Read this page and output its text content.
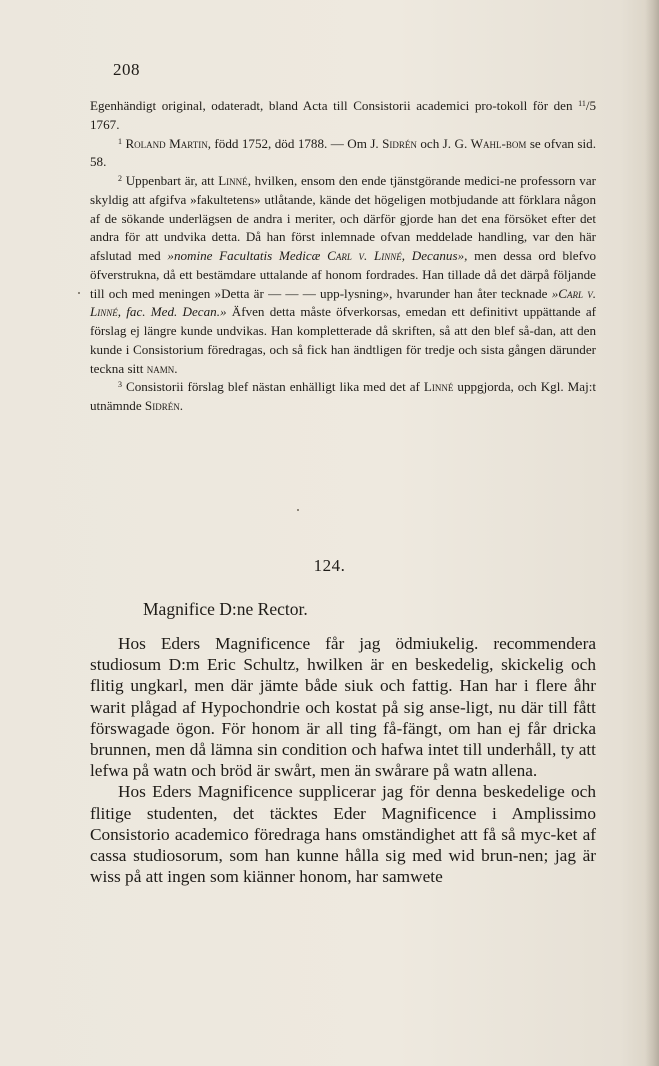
208

Egenhändigt original, odateradt, bland Acta till Consistorii academici pro-tokoll för den $^{11}$/5 1767.

$^1$ Roland Martin, född 1752, död 1788. — Om J. Sidrén och J. G. Wahl-bom se ofvan sid. 58.

$^2$ Uppenbart är, att Linné, hvilken, ensom den ende tjänstgörande medici-ne professorn var skyldig att afgifva »fakultetens» utlåtande, kände det högeligen motbjudande att förklara någon af de sökande underlägsen de andra i meriter, och därför gjorde han det ena försöket efter det andra för att undvika detta. Då han först inlemnade ofvan meddelade handling, var den här afslutad med »nomine Facultatis Medicæ Carl v. Linné, Decanus», men dessa ord blefvo öfverstrukna, då ett bestämdare uttalande af honom fordrades. Han tillade då det därpå följande till och med meningen »Detta är — — — upp-lysning», hvarunder han åter tecknade »Carl v. Linné, fac. Med. Decan.» Äfven detta måste öfverkorsas, emedan ett definitivt uppättande af förslag ej längre kunde undvikas. Han kompletterade då skriften, så att den blef så-dan, att den kunde i Consistorium föredragas, och så fick han ändtligen för tredje och sista gången därunder teckna sitt namn.

$^3$ Consistorii förslag blef nästan enhälligt lika med det af Linné uppgjorda, och Kgl. Maj:t utnämnde Sidrén.

124.
Magnifice D:ne Rector.

Hos Eders Magnificence får jag ödmiukelig. recommendera studiosum D:m Eric Schultz, hwilken är en beskedelig, skickelig och flitig ungkarl, men där jämte både siuk och fattig. Han har i flere åhr warit plågad af Hypochondrie och kostat på sig anse-ligt, nu där till fått förswagade ögon. För honom är all ting få-fängt, om han ej får dricka brunnen, men då lämna sin condition och hafwa intet till underhåll, ty att lefwa på watn och bröd är swårt, men än swårare på watn allena.

Hos Eders Magnificence supplicerar jag för denna beskedelige och flitige studenten, det täcktes Eder Magnificence i Amplissimo Consistorio academico föredraga hans omständighet att få så myc-ket af cassa studiosorum, som han kunne hålla sig med wid brun-nen; jag är wiss på att ingen som kiänner honom, har samwete
